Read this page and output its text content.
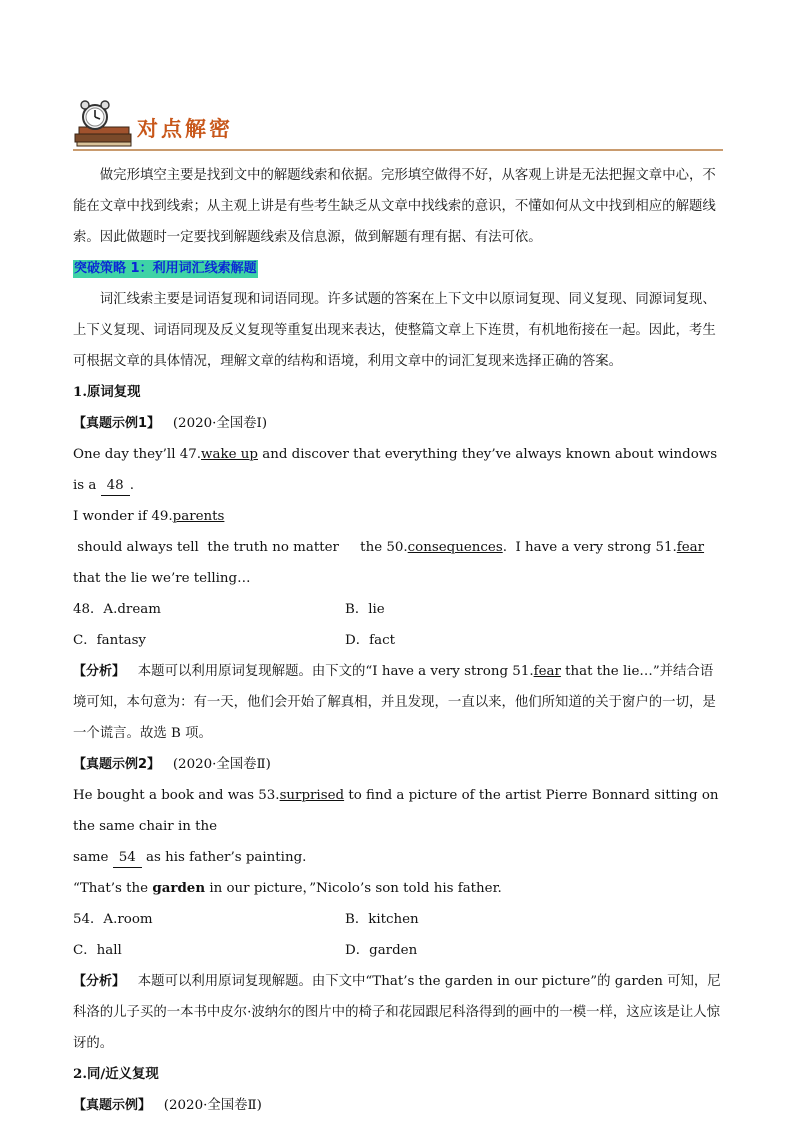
对点解密

做完形填空主要是找到文中的解题线索和依据。完形填空做得不好，从客观上讲是无法把握文章中心，不能在文章中找到线索；从主观上讲是有些考生缺乏从文章中找线索的意识，不懂如何从文中找到相应的解题线索。因此做题时一定要找到解题线索及信息源，做到解题有理有据、有法可依。

突破策略 1：利用词汇线索解题

词汇线索主要是词语复现和词语同现。许多试题的答案在上下文中以原词复现、同义复现、同源词复现、上下义复现、词语同现及反义复现等重复出现来表达，使整篇文章上下连贯，有机地衔接在一起。因此，考生可根据文章的具体情况，理解文章的结构和语境，利用文章中的词汇复现来选择正确的答案。

1.原词复现

【真题示例1】 (2020·全国卷Ⅰ)

One day they’ll 47.wake up and discover that everything they’ve always known about windows is a 48 .

I wonder if 49.parents should always tell  the truth no matter     the 50.consequences.  I have a very strong 51.fear

that the lie we’re telling…

48．A.dream	B．lie
C．fantasy	D．fact

【分析】 本题可以利用原词复现解题。由下文的“I have a very strong 51.fear that the lie…”并结合语境可知，本句意为：有一天，他们会开始了解真相，并且发现，一直以来，他们所知道的关于窗户的一切，是一个谎言。故选 B 项。

【真题示例2】 (2020·全国卷Ⅱ)

He bought a book and was 53.surprised to find a picture of the artist Pierre Bonnard sitting on the same chair in the

same 54 as his father’s painting.

“That’s the garden in our picture，”Nicolo’s son told his father.

54．A.room	B．kitchen
C．hall	D．garden

【分析】 本题可以利用原词复现解题。由下文中“That’s the garden in our picture”的 garden 可知，尼科洛的儿子买的一本书中皮尔·波纳尔的图片中的椅子和花园跟尼科洛得到的画中的一模一样，这应该是让人惊讶的。

2.同/近义复现

【真题示例】 (2020·全国卷Ⅱ)
